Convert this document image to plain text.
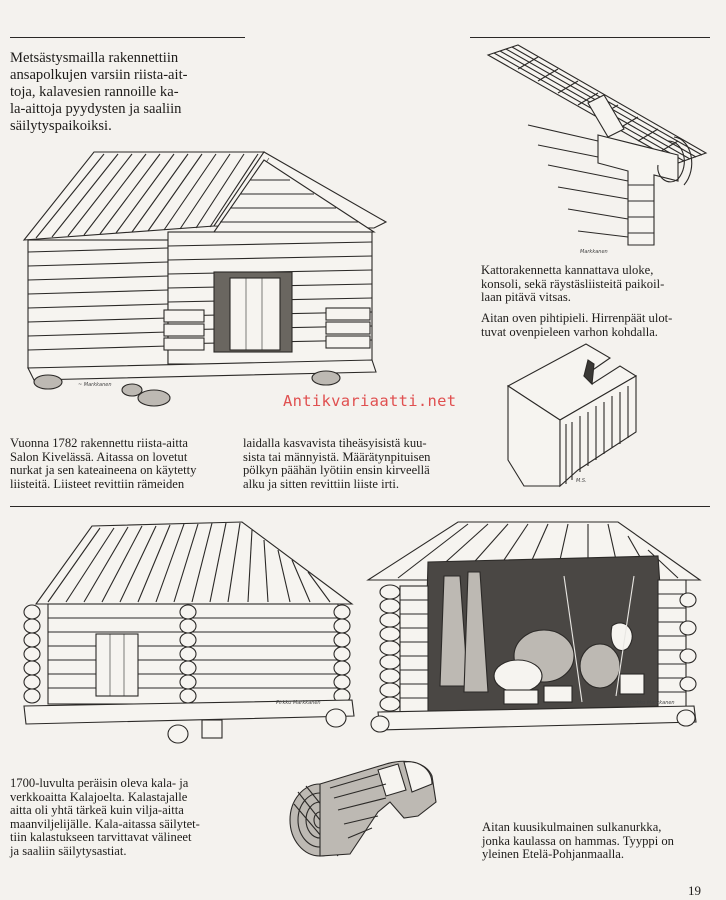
Metsästysmailla rakennettiin
ansapolkujen varsiin riista-ait-
toja, kalavesien rannoille ka-
la-aittoja pyydysten ja saaliin
säilytyspaikoiksi.
~ Markkanen
Antikvariaatti.net
Vuonna 1782 rakennettu riista-aitta
Salon Kivelässä. Aitassa on lovetut
nurkat ja sen kateaineena on käytetty
liisteitä. Liisteet revittiin rämeiden
laidalla kasvavista tiheäsyisistä kuu-
sista tai männyistä. Määrätynpituisen
pölkyn päähän lyötiin ensin kirveellä
alku ja sitten revittiin liiste irti.
Markkanen
Kattorakennetta kannattava uloke,
konsoli, sekä räystäsliisteitä paikoil-
laan pitävä vitsas.
Aitan oven pihtipieli. Hirrenpäät ulot-
tuvat ovenpieleen varhon kohdalla.
M.S.
Pirkko Markkanen	Pirkko Markkanen
1700-luvulta peräisin oleva kala- ja
verkkoaitta Kalajoelta. Kalastajalle
aitta oli yhtä tärkeä kuin vilja-aitta
maanviljelijälle. Kala-aitassa säilytet-
tiin kalastukseen tarvittavat välineet
ja saaliin säilytysastiat.
Aitan kuusikulmainen sulkanurkka,
jonka kaulassa on hammas. Tyyppi on
yleinen Etelä-Pohjanmaalla.
19
